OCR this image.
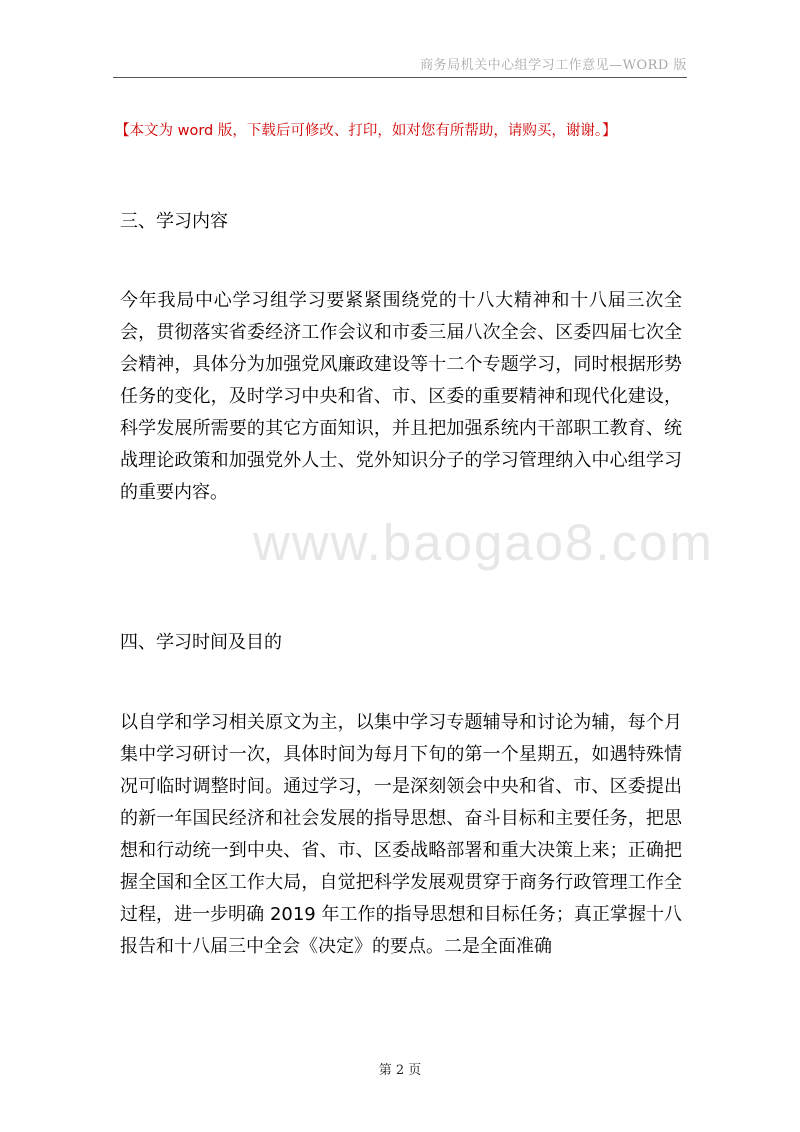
商务局机关中心组学习工作意见—WORD 版
【本文为 word 版，下载后可修改、打印，如对您有所帮助，请购买，谢谢。】
www.baogao8.com
三、学习内容
今年我局中心学习组学习要紧紧围绕党的十八大精神和十八届三次全会，贯彻落实省委经济工作会议和市委三届八次全会、区委四届七次全会精神，具体分为加强党风廉政建设等十二个专题学习，同时根据形势任务的变化，及时学习中央和省、市、区委的重要精神和现代化建设，科学发展所需要的其它方面知识，并且把加强系统内干部职工教育、统战理论政策和加强党外人士、党外知识分子的学习管理纳入中心组学习的重要内容。
四、学习时间及目的
以自学和学习相关原文为主，以集中学习专题辅导和讨论为辅，每个月集中学习研讨一次，具体时间为每月下旬的第一个星期五，如遇特殊情况可临时调整时间。通过学习，一是深刻领会中央和省、市、区委提出的新一年国民经济和社会发展的指导思想、奋斗目标和主要任务，把思想和行动统一到中央、省、市、区委战略部署和重大决策上来；正确把握全国和全区工作大局，自觉把科学发展观贯穿于商务行政管理工作全过程，进一步明确 2019 年工作的指导思想和目标任务；真正掌握十八报告和十八届三中全会《决定》的要点。二是全面准确
第 2 页
